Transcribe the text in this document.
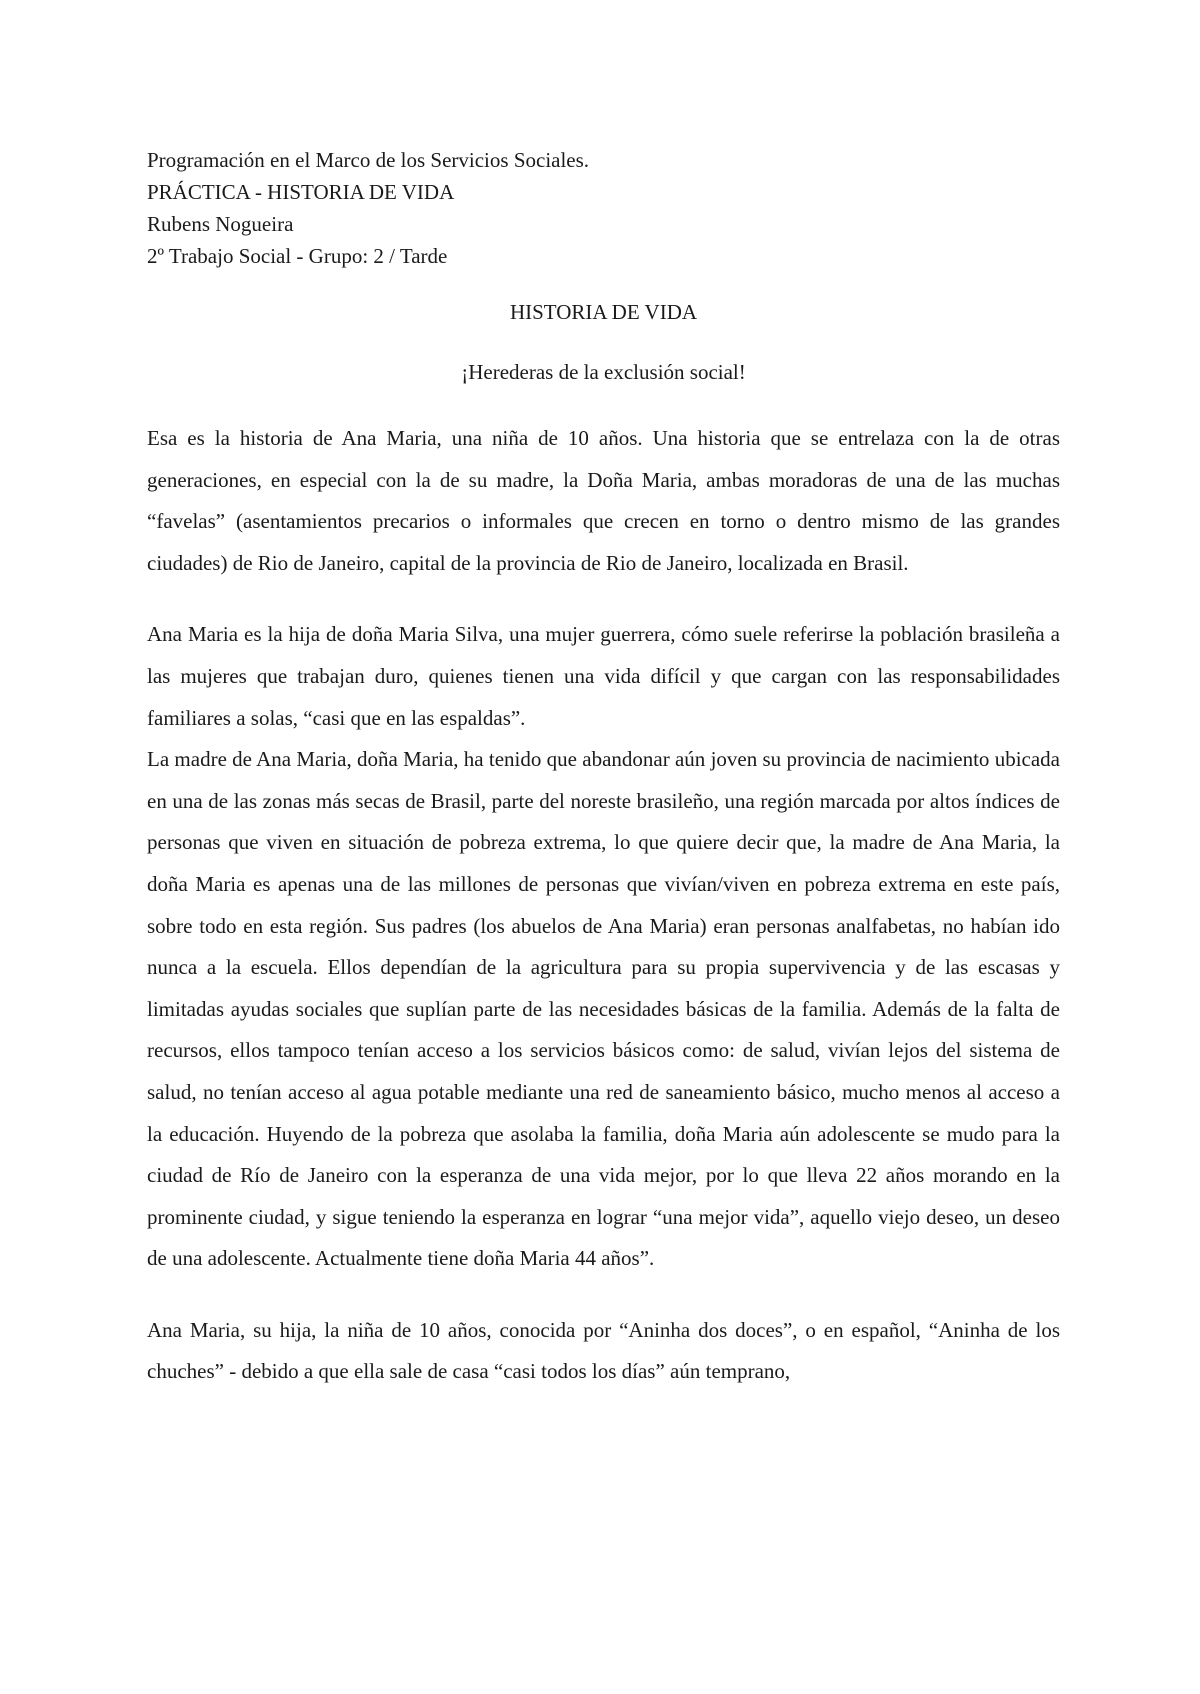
Programación en el Marco de los Servicios Sociales.

PRÁCTICA - HISTORIA DE VIDA

Rubens Nogueira

2º Trabajo Social - Grupo: 2 / Tarde

HISTORIA DE VIDA

¡Herederas de la exclusión social!

Esa es la historia de Ana Maria, una niña de 10 años. Una historia que se entrelaza con la de otras generaciones, en especial con la de su madre, la Doña Maria, ambas moradoras de una de las muchas “favelas” (asentamientos precarios o informales que crecen en torno o dentro mismo de las grandes ciudades) de Rio de Janeiro, capital de la provincia de Rio de Janeiro, localizada en Brasil.

Ana Maria es la hija de doña Maria Silva, una mujer guerrera, cómo suele referirse la población brasileña a las mujeres que trabajan duro, quienes tienen una vida difícil y que cargan con las responsabilidades familiares a solas, “casi que en las espaldas”.

La madre de Ana Maria, doña Maria, ha tenido que abandonar aún joven su provincia de nacimiento ubicada en una de las zonas más secas de Brasil, parte del noreste brasileño, una región marcada por altos índices de personas que viven en situación de pobreza extrema, lo que quiere decir que, la madre de Ana Maria, la doña Maria es apenas una de las millones de personas que vivían/viven en pobreza extrema en este país, sobre todo en esta región. Sus padres (los abuelos de Ana Maria) eran personas analfabetas, no habían ido nunca a la escuela. Ellos dependían de la agricultura para su propia supervivencia y de las escasas y limitadas ayudas sociales que suplían parte de las necesidades básicas de la familia. Además de la falta de recursos, ellos tampoco tenían acceso a los servicios básicos como: de salud, vivían lejos del sistema de salud, no tenían acceso al agua potable mediante una red de saneamiento básico, mucho menos al acceso a la educación. Huyendo de la pobreza que asolaba la familia, doña Maria aún adolescente se mudo para la ciudad de Río de Janeiro con la esperanza de una vida mejor, por lo que lleva 22 años morando en la prominente ciudad, y sigue teniendo la esperanza en lograr “una mejor vida”, aquello viejo deseo, un deseo de una adolescente. Actualmente tiene doña Maria 44 años”.

Ana Maria, su hija, la niña de 10 años, conocida por “Aninha dos doces”, o en español, “Aninha de los chuches” - debido a que ella sale de casa “casi todos los días” aún temprano,
